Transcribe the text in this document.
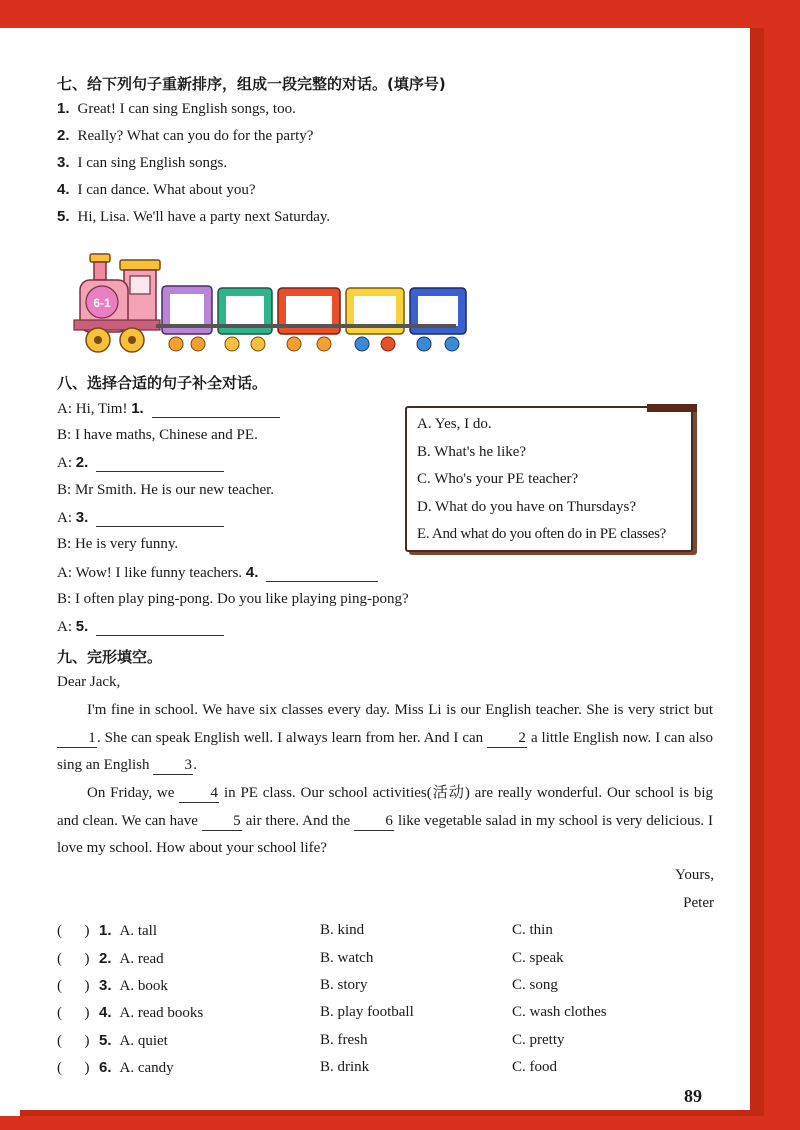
七、给下列句子重新排序，组成一段完整的对话。(填序号)
1. Great! I can sing English songs, too.
2. Really? What can you do for the party?
3. I can sing English songs.
4. I can dance. What about you?
5. Hi, Lisa. We'll have a party next Saturday.
6-1
八、选择合适的句子补全对话。
A: Hi, Tim! 1.
B: I have maths, Chinese and PE.
A: 2.
B: Mr Smith. He is our new teacher.
A: 3.
B: He is very funny.
A: Wow! I like funny teachers. 4.
B: I often play ping-pong. Do you like playing ping-pong?
A: 5.
A. Yes, I do.
B. What's he like?
C. Who's your PE teacher?
D. What do you have on Thursdays?
E. And what do you often do in PE classes?
九、完形填空。
Dear Jack,
I'm fine in school. We have six classes every day. Miss Li is our English teacher. She is very strict but 1. She can speak English well. I always learn from her. And I can 2 a little English now. I can also sing an English 3.
On Friday, we 4 in PE class. Our school activities(活动) are really wonderful. Our school is big and clean. We can have 5 air there. And the 6 like vegetable salad in my school is very delicious. I love my school. How about your school life?
Yours,
Peter
(      ) 1. A. tall	B. kind	C. thin
(      ) 2. A. read	B. watch	C. speak
(      ) 3. A. book	B. story	C. song
(      ) 4. A. read books	B. play football	C. wash clothes
(      ) 5. A. quiet	B. fresh	C. pretty
(      ) 6. A. candy	B. drink	C. food
89
